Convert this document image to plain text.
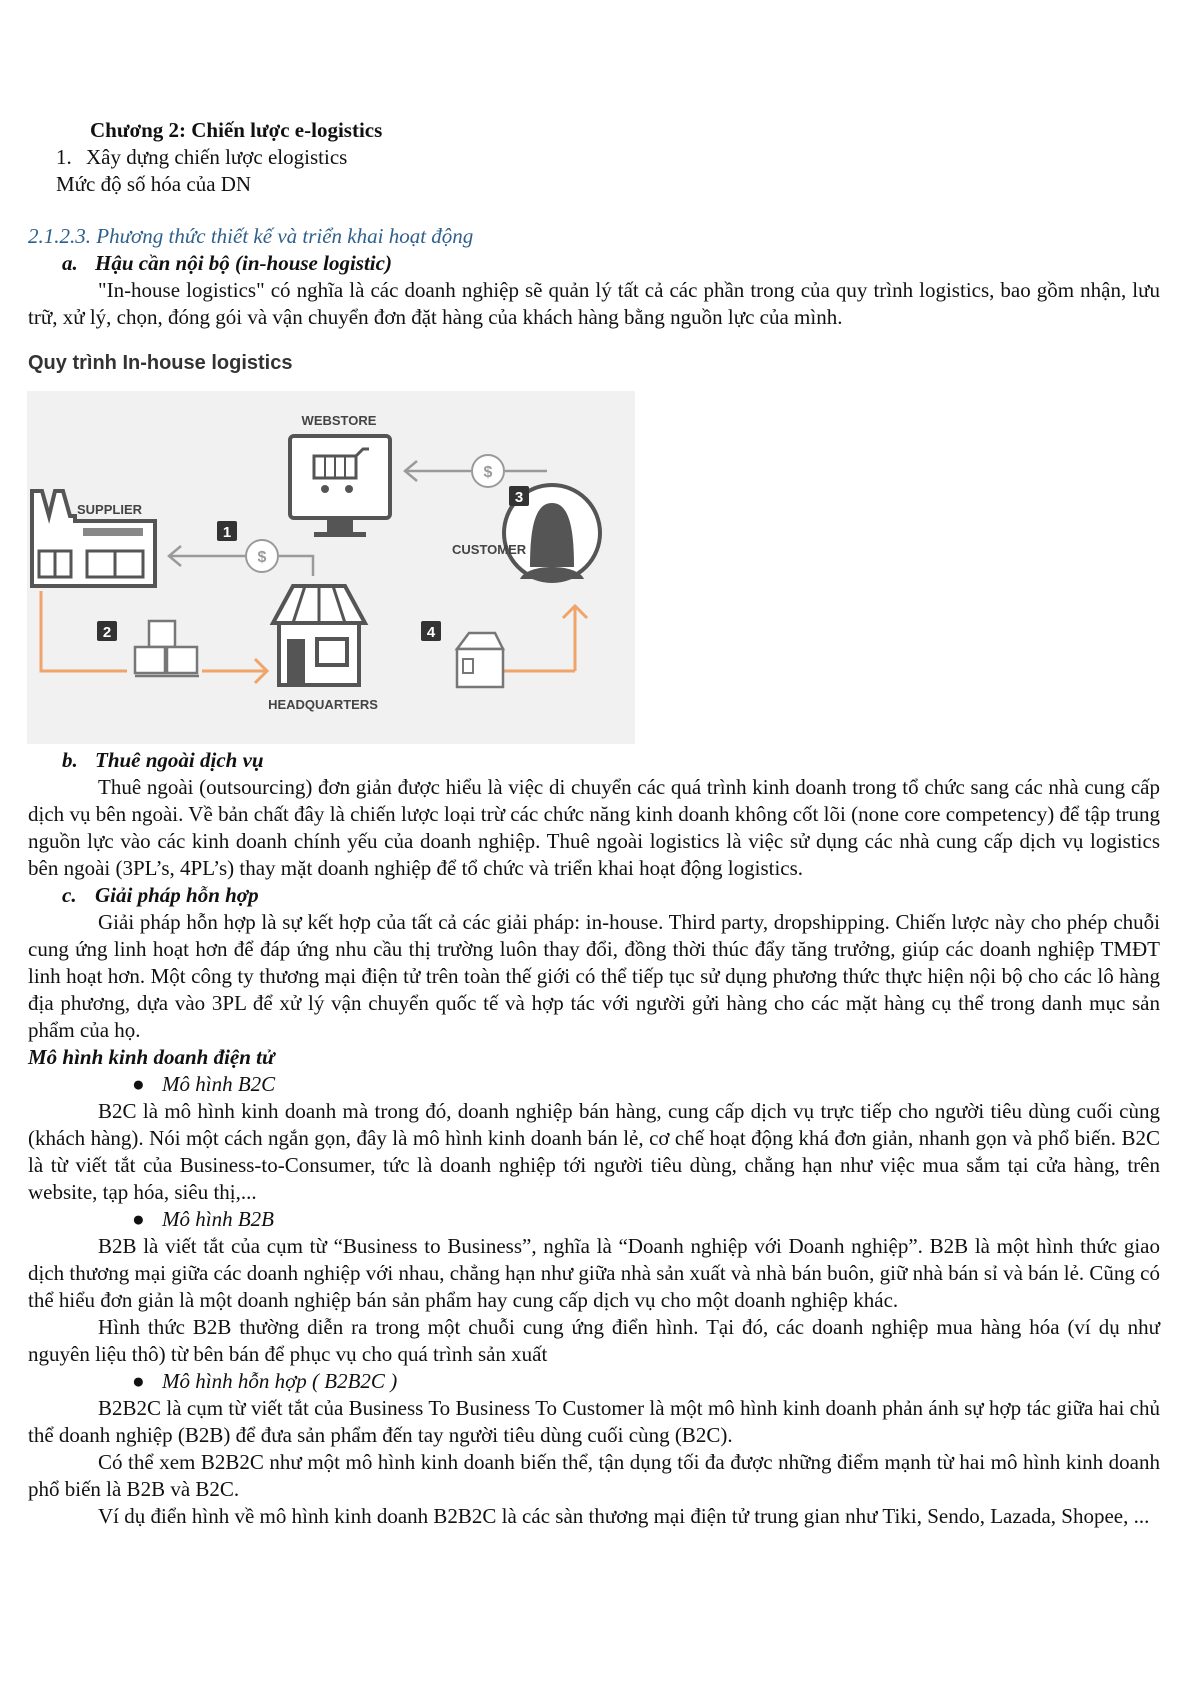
Chương 2: Chiến lược e-logistics
1. Xây dựng chiến lược elogistics
Mức độ số hóa của DN
2.1.2.3. Phương thức thiết kế và triển khai hoạt động
a. Hậu cần nội bộ (in-house logistic)

"In-house logistics" có nghĩa là các doanh nghiệp sẽ quản lý tất cả các phần trong của quy trình logistics, bao gồm nhận, lưu trữ, xử lý, chọn, đóng gói và vận chuyển đơn đặt hàng của khách hàng bằng nguồn lực của mình.

Quy trình In-house logistics
$
$
WEBSTORE
SUPPLIER
CUSTOMER
HEADQUARTERS
1
2
3
4
b. Thuê ngoài dịch vụ

Thuê ngoài (outsourcing) đơn giản được hiểu là việc di chuyển các quá trình kinh doanh trong tổ chức sang các nhà cung cấp dịch vụ bên ngoài. Về bản chất đây là chiến lược loại trừ các chức năng kinh doanh không cốt lõi (none core competency) để tập trung nguồn lực vào các kinh doanh chính yếu của doanh nghiệp. Thuê ngoài logistics là việc sử dụng các nhà cung cấp dịch vụ logistics bên ngoài (3PL’s, 4PL’s) thay mặt doanh nghiệp để tổ chức và triển khai hoạt động logistics.

c. Giải pháp hỗn hợp

Giải pháp hỗn hợp là sự kết hợp của tất cả các giải pháp: in-house. Third party, dropshipping. Chiến lược này cho phép chuỗi cung ứng linh hoạt hơn để đáp ứng nhu cầu thị trường luôn thay đổi, đồng thời thúc đẩy tăng trưởng, giúp các doanh nghiệp TMĐT linh hoạt hơn. Một công ty thương mại điện tử trên toàn thế giới có thể tiếp tục sử dụng phương thức thực hiện nội bộ cho các lô hàng địa phương, dựa vào 3PL để xử lý vận chuyển quốc tế và hợp tác với người gửi hàng cho các mặt hàng cụ thể trong danh mục sản phẩm của họ.

Mô hình kinh doanh điện tử
● Mô hình B2C

B2C là mô hình kinh doanh mà trong đó, doanh nghiệp bán hàng, cung cấp dịch vụ trực tiếp cho người tiêu dùng cuối cùng (khách hàng). Nói một cách ngắn gọn, đây là mô hình kinh doanh bán lẻ, cơ chế hoạt động khá đơn giản, nhanh gọn và phổ biến. B2C là từ viết tắt của Business-to-Consumer, tức là doanh nghiệp tới người tiêu dùng, chẳng hạn như việc mua sắm tại cửa hàng, trên website, tạp hóa, siêu thị,...

● Mô hình B2B

B2B là viết tắt của cụm từ “Business to Business”, nghĩa là “Doanh nghiệp với Doanh nghiệp”. B2B là một hình thức giao dịch thương mại giữa các doanh nghiệp với nhau, chẳng hạn như giữa nhà sản xuất và nhà bán buôn, giữ nhà bán sỉ và bán lẻ. Cũng có thể hiểu đơn giản là một doanh nghiệp bán sản phẩm hay cung cấp dịch vụ cho một doanh nghiệp khác.

Hình thức B2B thường diễn ra trong một chuỗi cung ứng điển hình. Tại đó, các doanh nghiệp mua hàng hóa (ví dụ như nguyên liệu thô) từ bên bán để phục vụ cho quá trình sản xuất

● Mô hình hỗn hợp ( B2B2C )

B2B2C là cụm từ viết tắt của Business To Business To Customer là một mô hình kinh doanh phản ánh sự hợp tác giữa hai chủ thể doanh nghiệp (B2B) để đưa sản phẩm đến tay người tiêu dùng cuối cùng (B2C).

Có thể xem B2B2C như một mô hình kinh doanh biến thể, tận dụng tối đa được những điểm mạnh từ hai mô hình kinh doanh phổ biến là B2B và B2C.

Ví dụ điển hình về mô hình kinh doanh B2B2C là các sàn thương mại điện tử trung gian như Tiki, Sendo, Lazada, Shopee, ...
